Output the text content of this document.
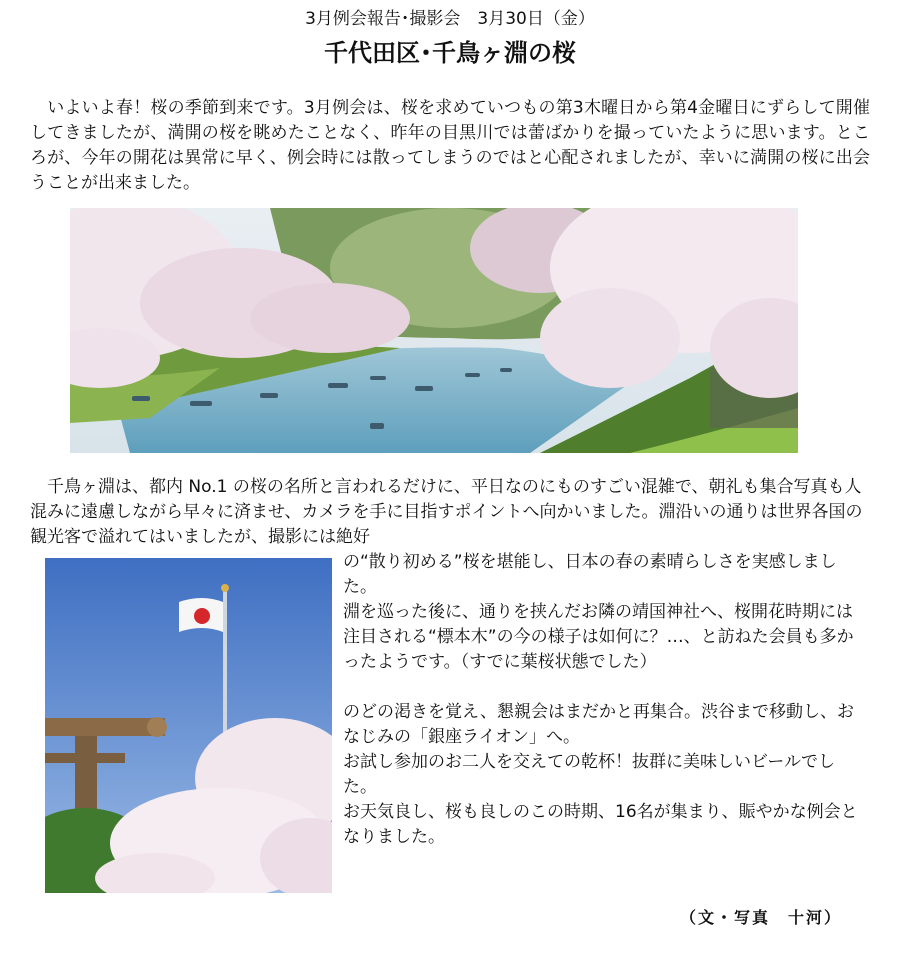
3月例会報告･撮影会　3月30日（金）
千代田区･千鳥ヶ淵の桜

　いよいよ春！桜の季節到来です。3月例会は、桜を求めていつもの第3木曜日から第4金曜日にずらして開催してきましたが、満開の桜を眺めたことなく、昨年の目黒川では蕾ばかりを撮っていたように思います。ところが、今年の開花は異常に早く、例会時には散ってしまうのではと心配されましたが、幸いに満開の桜に出会うことが出来ました。

　千鳥ヶ淵は、都内 No.1 の桜の名所と言われるだけに、平日なのにものすごい混雑で、朝礼も集合写真も人混みに遠慮しながら早々に済ませ、カメラを手に目指すポイントへ向かいました。淵沿いの通りは世界各国の観光客で溢れてはいましたが、撮影には絶好

の“散り初める”桜を堪能し、日本の春の素晴らしさを実感しました。

淵を巡った後に、通りを挟んだお隣の靖国神社へ、桜開花時期には注目される“標本木”の今の様子は如何に？…、と訪ねた会員も多かったようです。（すでに葉桜状態でした）

のどの渇きを覚え、懇親会はまだかと再集合。渋谷まで移動し、おなじみの「銀座ライオン」へ。

お試し参加のお二人を交えての乾杯！抜群に美味しいビールでした。

お天気良し、桜も良しのこの時期、16名が集まり、賑やかな例会となりました。

（文・写真　十河）
